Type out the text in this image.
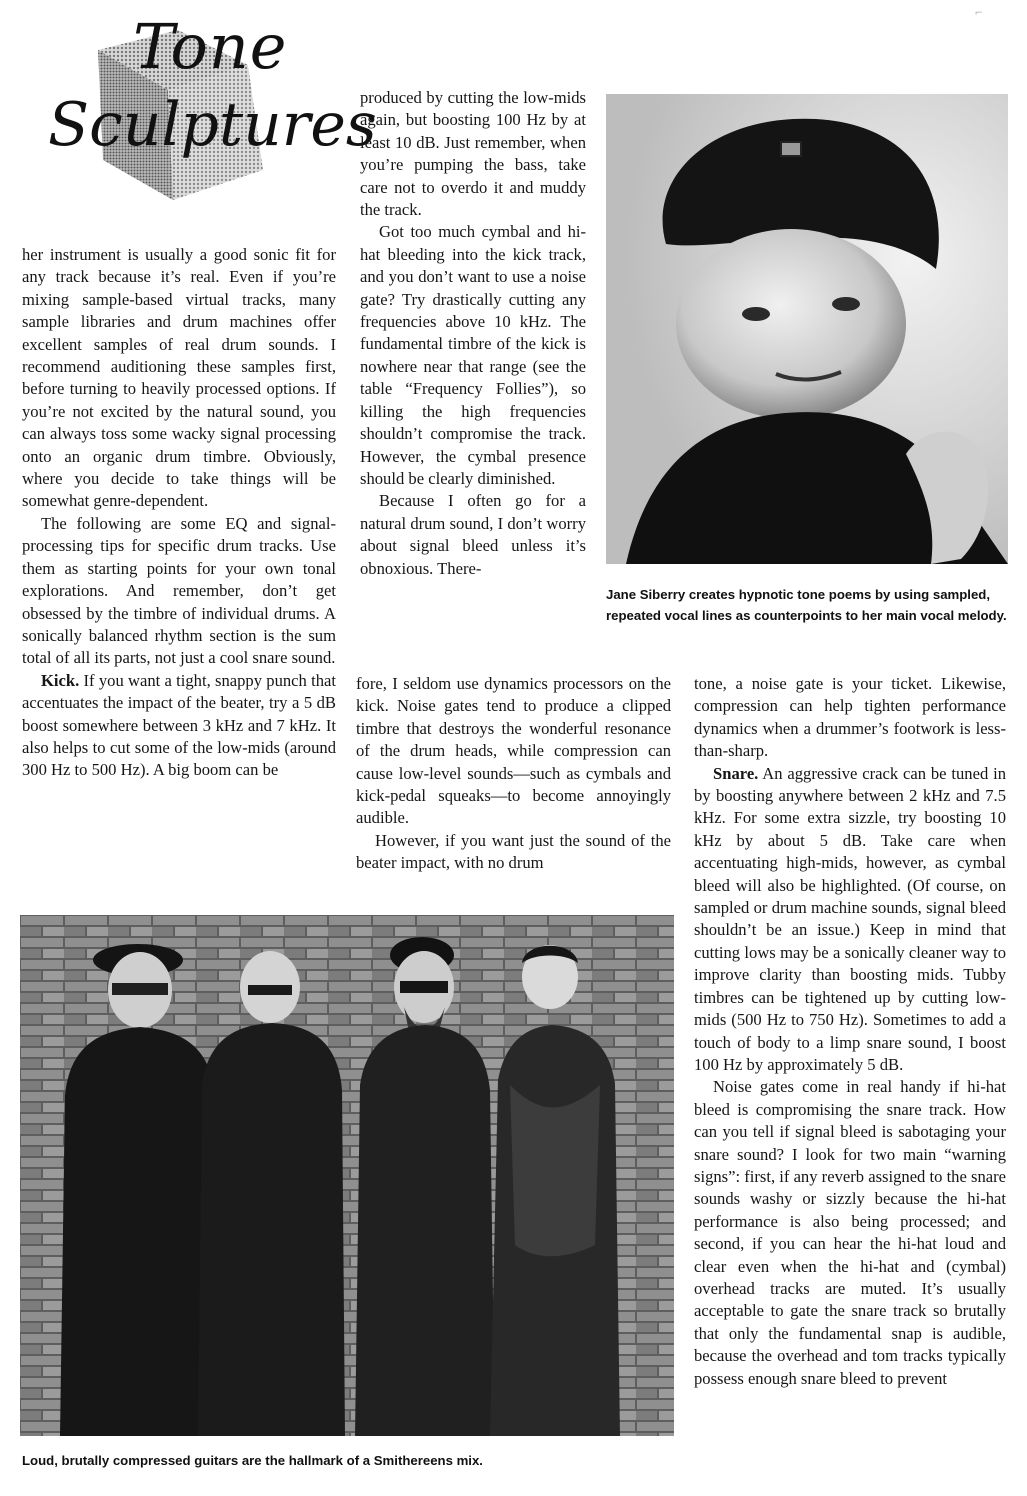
Tone
Sculptures
⌐

her instrument is usually a good sonic fit for any track because it’s real. Even if you’re mixing sample-based virtual tracks, many sample libraries and drum machines offer excellent samples of real drum sounds. I recommend auditioning these samples first, before turning to heavily processed options. If you’re not excited by the natural sound, you can always toss some wacky signal processing onto an organic drum timbre. Obviously, where you decide to take things will be somewhat genre-dependent.

The following are some EQ and signal-processing tips for specific drum tracks. Use them as starting points for your own tonal explorations. And remember, don’t get obsessed by the timbre of individual drums. A sonically balanced rhythm section is the sum total of all its parts, not just a cool snare sound.

Kick. If you want a tight, snappy punch that accentuates the impact of the beater, try a 5 dB boost somewhere between 3 kHz and 7 kHz. It also helps to cut some of the low-mids (around 300 Hz to 500 Hz). A big boom can be

produced by cutting the low-mids again, but boosting 100 Hz by at least 10 dB. Just remember, when you’re pumping the bass, take care not to overdo it and muddy the track.

Got too much cymbal and hi-hat bleeding into the kick track, and you don’t want to use a noise gate? Try drastically cutting any frequencies above 10 kHz. The fundamental timbre of the kick is nowhere near that range (see the table “Frequency Follies”), so killing the high frequencies shouldn’t compromise the track. However, the cymbal presence should be clearly diminished.

Because I often go for a natural drum sound, I don’t worry about signal bleed unless it’s obnoxious. There-

fore, I seldom use dynamics processors on the kick. Noise gates tend to produce a clipped timbre that destroys the wonderful resonance of the drum heads, while compression can cause low-level sounds—such as cymbals and kick-pedal squeaks—to become annoyingly audible.

However, if you want just the sound of the beater impact, with no drum

tone, a noise gate is your ticket. Likewise, compression can help tighten performance dynamics when a drummer’s footwork is less-than-sharp.

Snare. An aggressive crack can be tuned in by boosting anywhere between 2 kHz and 7.5 kHz. For some extra sizzle, try boosting 10 kHz by about 5 dB. Take care when accentuating high-mids, however, as cymbal bleed will also be highlighted. (Of course, on sampled or drum machine sounds, signal bleed shouldn’t be an issue.) Keep in mind that cutting lows may be a sonically cleaner way to improve clarity than boosting mids. Tubby timbres can be tightened up by cutting low-mids (500 Hz to 750 Hz). Sometimes to add a touch of body to a limp snare sound, I boost 100 Hz by approximately 5 dB.

Noise gates come in real handy if hi-hat bleed is compromising the snare track. How can you tell if signal bleed is sabotaging your snare sound? I look for two main “warning signs”: first, if any reverb assigned to the snare sounds washy or sizzly because the hi-hat performance is also being processed; and second, if you can hear the hi-hat loud and clear even when the hi-hat and (cymbal) overhead tracks are muted. It’s usually acceptable to gate the snare track so brutally that only the fundamental snap is audible, because the overhead and tom tracks typically possess enough snare bleed to prevent

Jane Siberry creates hypnotic tone poems by using sampled, repeated vocal lines as counterpoints to her main vocal melody.
Loud, brutally compressed guitars are the hallmark of a Smithereens mix.
